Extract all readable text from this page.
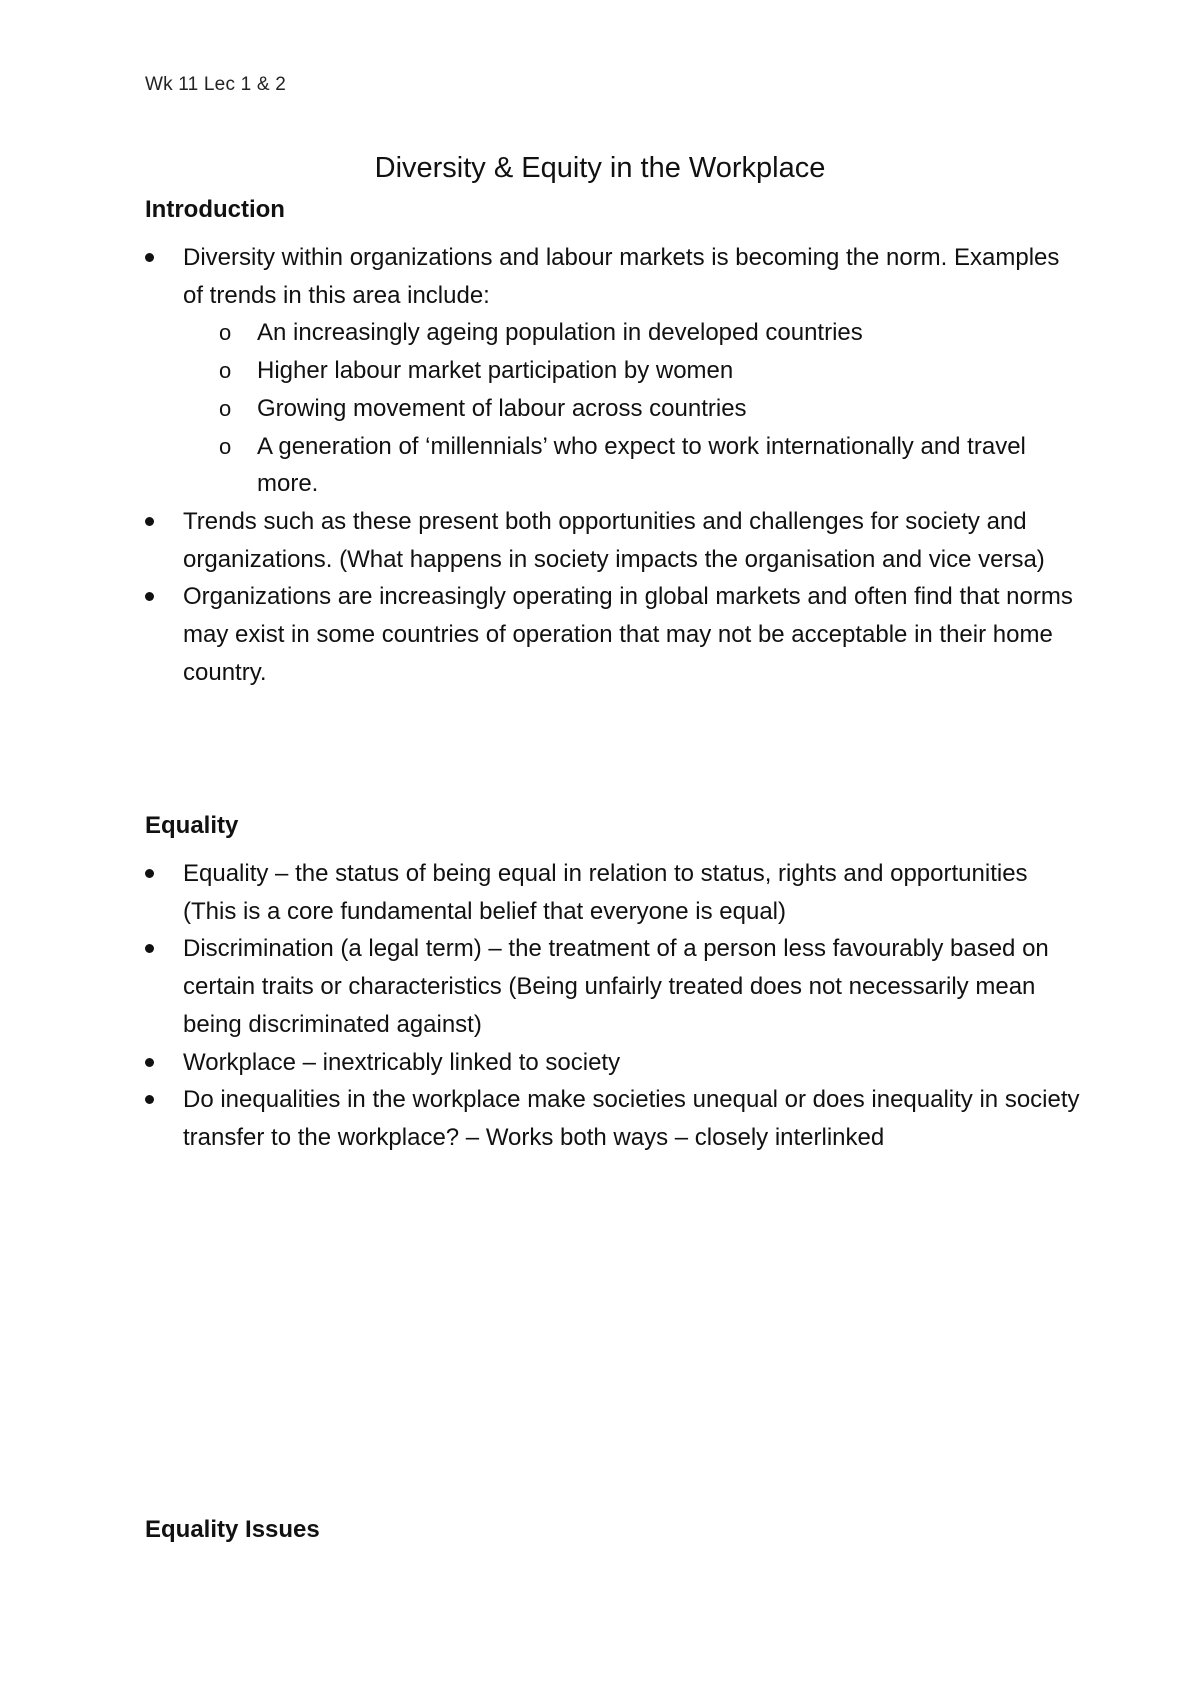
Wk 11 Lec 1 & 2
Diversity & Equity in the Workplace
Introduction
Diversity within organizations and labour markets is becoming the norm. Examples of trends in this area include:
o An increasingly ageing population in developed countries
o Higher labour market participation by women
o Growing movement of labour across countries
o A generation of ‘millennials’ who expect to work internationally and travel more.
Trends such as these present both opportunities and challenges for society and organizations. (What happens in society impacts the organisation and vice versa)
Organizations are increasingly operating in global markets and often find that norms may exist in some countries of operation that may not be acceptable in their home country.
Equality
Equality – the status of being equal in relation to status, rights and opportunities (This is a core fundamental belief that everyone is equal)
Discrimination (a legal term) – the treatment of a person less favourably based on certain traits or characteristics (Being unfairly treated does not necessarily mean being discriminated against)
Workplace – inextricably linked to society
Do inequalities in the workplace make societies unequal or does inequality in society transfer to the workplace? – Works both ways – closely interlinked
Equality Issues
